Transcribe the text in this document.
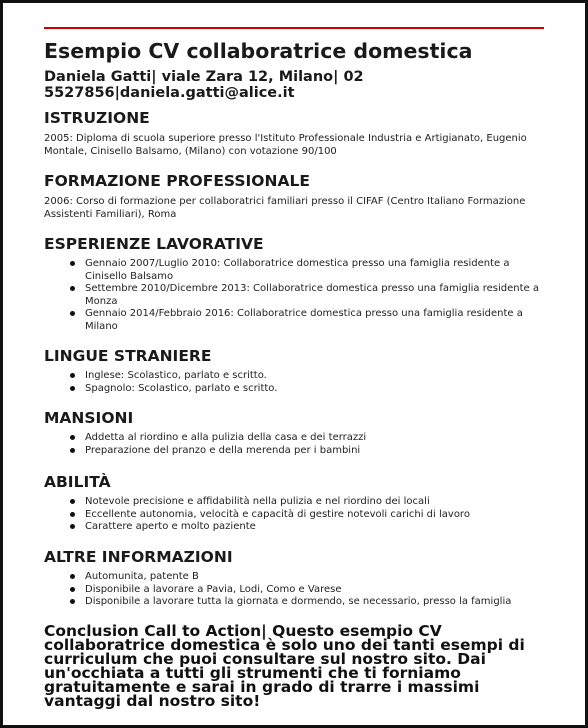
Esempio CV collaboratrice domestica
Daniela Gatti| viale Zara 12, Milano| 02 5527856|daniela.gatti@alice.it
ISTRUZIONE

2005: Diploma di scuola superiore presso l'Istituto Professionale Industria e Artigianato, Eugenio Montale, Cinisello Balsamo, (Milano) con votazione 90/100

FORMAZIONE PROFESSIONALE

2006: Corso di formazione per collaboratrici familiari presso il CIFAF (Centro Italiano Formazione Assistenti Familiari), Roma

ESPERIENZE LAVORATIVE
Gennaio 2007/Luglio 2010: Collaboratrice domestica presso una famiglia residente a Cinisello Balsamo
Settembre 2010/Dicembre 2013: Collaboratrice domestica presso una famiglia residente a Monza
Gennaio 2014/Febbraio 2016: Collaboratrice domestica presso una famiglia residente a Milano
LINGUE STRANIERE
Inglese: Scolastico, parlato e scritto.
Spagnolo: Scolastico, parlato e scritto.
MANSIONI
Addetta al riordino e alla pulizia della casa e dei terrazzi
Preparazione del pranzo e della merenda per i bambini
ABILITÀ
Notevole precisione e affidabilità nella pulizia e nel riordino dei locali
Eccellente autonomia, velocità e capacità di gestire notevoli carichi di lavoro
Carattere aperto e molto paziente
ALTRE INFORMAZIONI
Automunita, patente B
Disponibile a lavorare a Pavia, Lodi, Como e Varese
Disponibile a lavorare tutta la giornata e dormendo, se necessario, presso la famiglia
Conclusion Call to Action| Questo esempio CV collaboratrice domestica è solo uno dei tanti esempi di curriculum che puoi consultare sul nostro sito. Dai un'occhiata a tutti gli strumenti che ti forniamo gratuitamente e sarai in grado di trarre i massimi vantaggi dal nostro sito!
